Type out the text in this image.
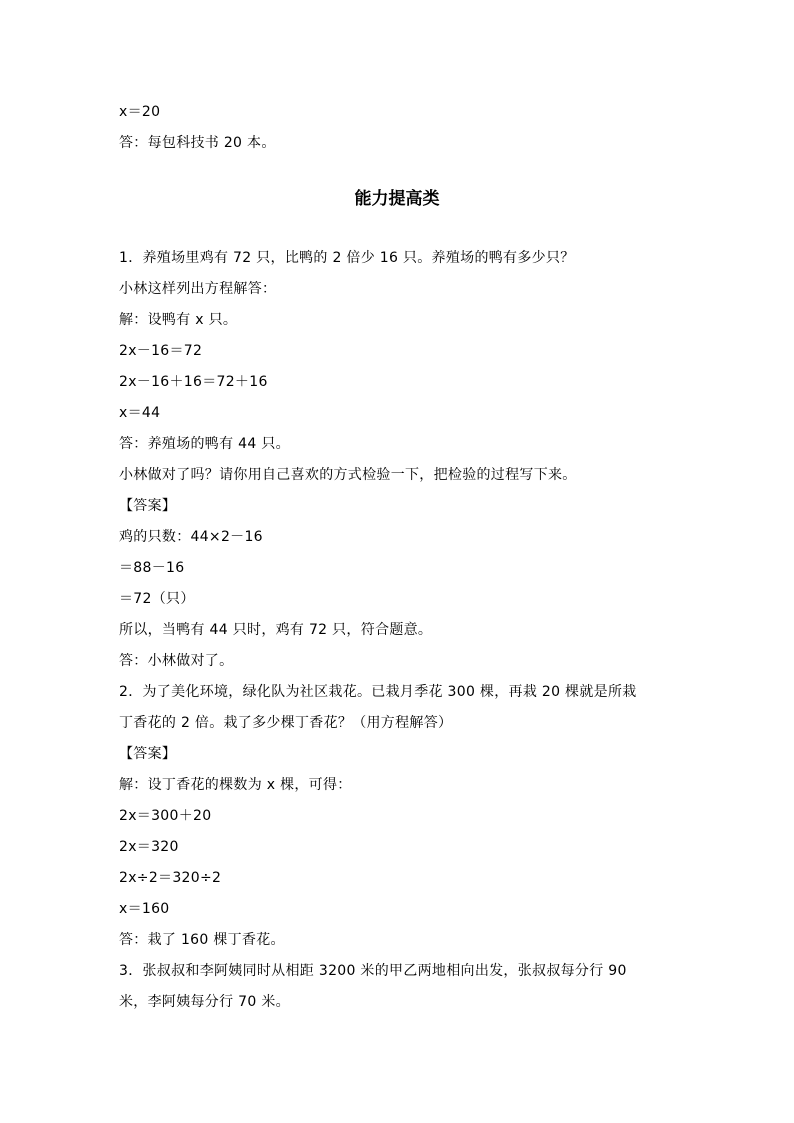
x＝20
答：每包科技书 20 本。
能力提高类
1．养殖场里鸡有 72 只，比鸭的 2 倍少 16 只。养殖场的鸭有多少只？
小林这样列出方程解答：
解：设鸭有 x 只。
2x－16＝72
2x－16＋16＝72＋16
x＝44
答：养殖场的鸭有 44 只。
小林做对了吗？请你用自己喜欢的方式检验一下，把检验的过程写下来。
【答案】
鸡的只数：44×2－16
＝88－16
＝72（只）
所以，当鸭有 44 只时，鸡有 72 只，符合题意。
答：小林做对了。
2．为了美化环境，绿化队为社区栽花。已栽月季花 300 棵，再栽 20 棵就是所栽
丁香花的 2 倍。栽了多少棵丁香花？（用方程解答）
【答案】
解：设丁香花的棵数为 x 棵，可得：
2x＝300＋20
2x＝320
2x÷2＝320÷2
x＝160
答：栽了 160 棵丁香花。
3．张叔叔和李阿姨同时从相距 3200 米的甲乙两地相向出发，张叔叔每分行 90
米，李阿姨每分行 70 米。
